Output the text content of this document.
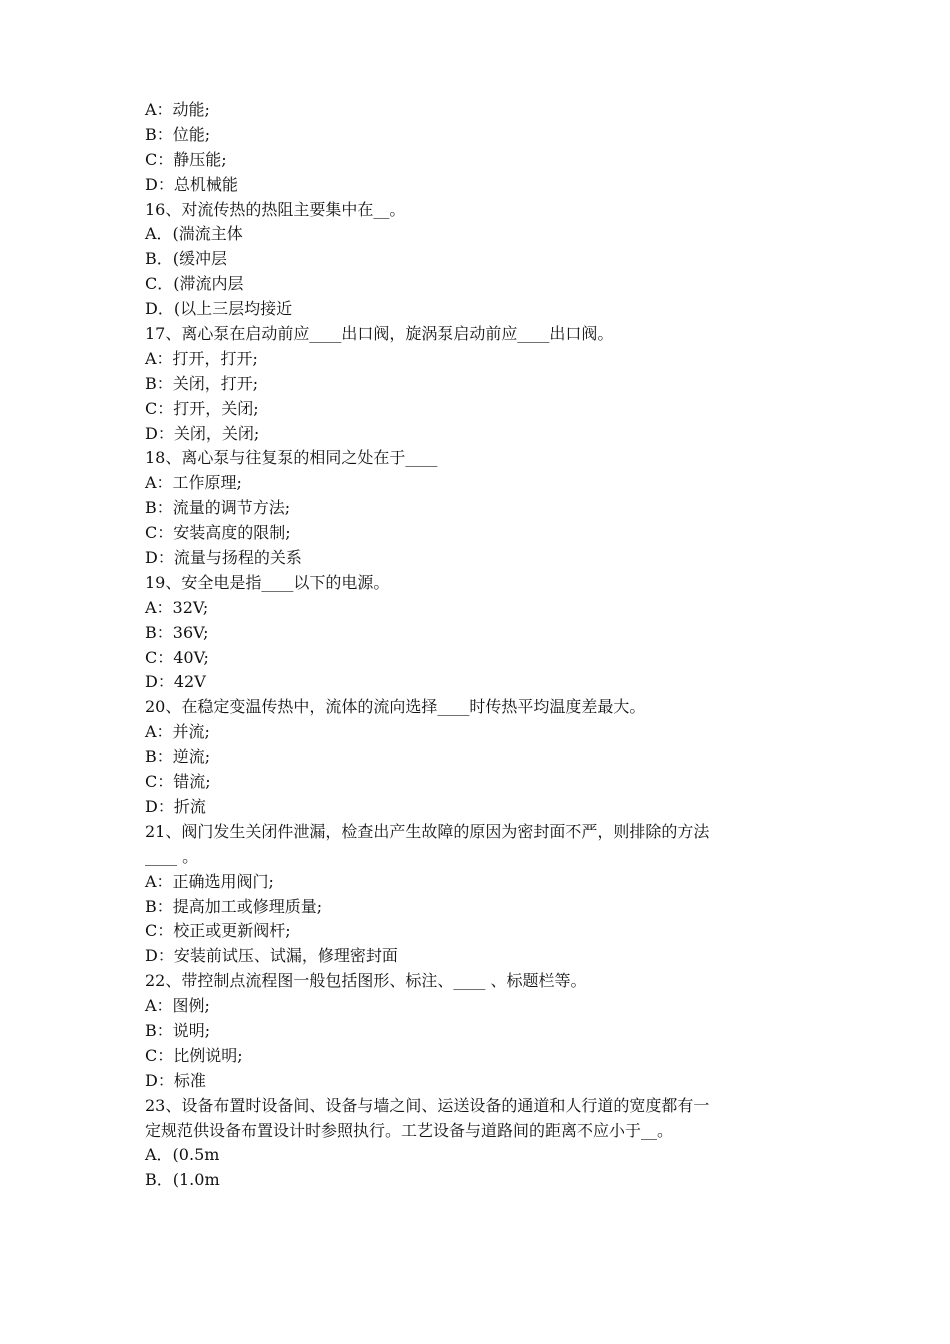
A：动能;
B：位能;
C：静压能;
D：总机械能
16、对流传热的热阻主要集中在__。
A．(湍流主体
B．(缓冲层
C．(滞流内层
D．(以上三层均接近
17、离心泵在启动前应____出口阀，旋涡泵启动前应____出口阀。
A：打开，打开;
B：关闭，打开;
C：打开，关闭;
D：关闭，关闭;
18、离心泵与往复泵的相同之处在于____
A：工作原理;
B：流量的调节方法;
C：安装高度的限制;
D：流量与扬程的关系
19、安全电是指____以下的电源。
A：32V;
B：36V;
C：40V;
D：42V
20、在稳定变温传热中，流体的流向选择____时传热平均温度差最大。
A：并流;
B：逆流;
C：错流;
D：折流
21、阀门发生关闭件泄漏，检查出产生故障的原因为密封面不严，则排除的方法
____ 。
A：正确选用阀门;
B：提高加工或修理质量;
C：校正或更新阀杆;
D：安装前试压、试漏，修理密封面
22、带控制点流程图一般包括图形、标注、____ 、标题栏等。
A：图例;
B：说明;
C：比例说明;
D：标准
23、设备布置时设备间、设备与墙之间、运送设备的通道和人行道的宽度都有一
定规范供设备布置设计时参照执行。工艺设备与道路间的距离不应小于__。
A．(0.5m
B．(1.0m
